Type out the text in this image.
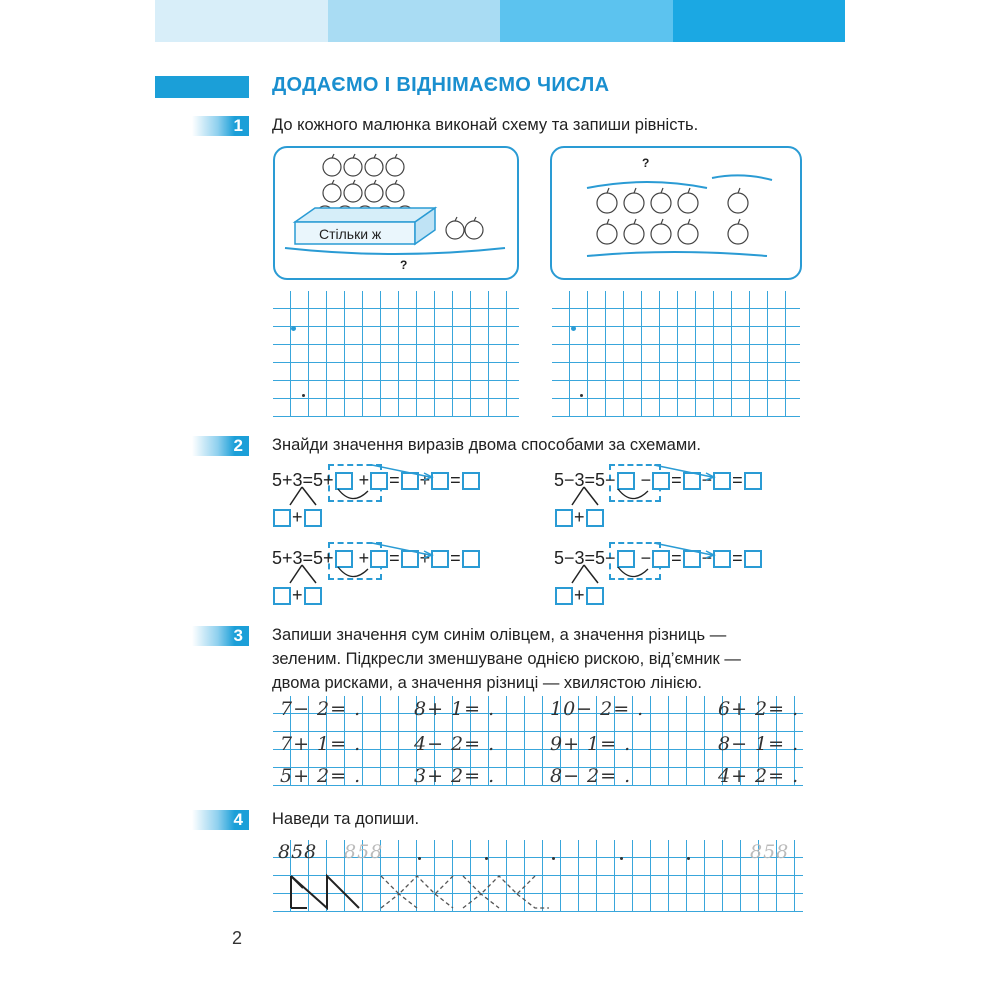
ДОДАЄМО І ВІДНІМАЄМО ЧИСЛА
1	До кожного малюнка виконай схему та запиши рівність.
Стільки ж
?
?
2	Знайди значення виразів двома способами за схемами.
5+3=5+ + = + =
+
5−3=5− − = − =
+
5+3=5+ + = + =
+
5−3=5− − = − =
+
3	Запиши значення сум синім олівцем, а значення різниць —
зеленим. Підкресли зменшуване однією рискою, від’ємник —
двома рисками, а значення різниці — хвилястою лінією.
7− 2= .	8+ 1= .	10− 2= .	6+ 2= .
7+ 1= .	4− 2= .	9+ 1= .	8− 1= .
5+ 2= .	3+ 2= .	8− 2= .	4+ 2= .
4	Наведи та допиши.
858 858	858
2
